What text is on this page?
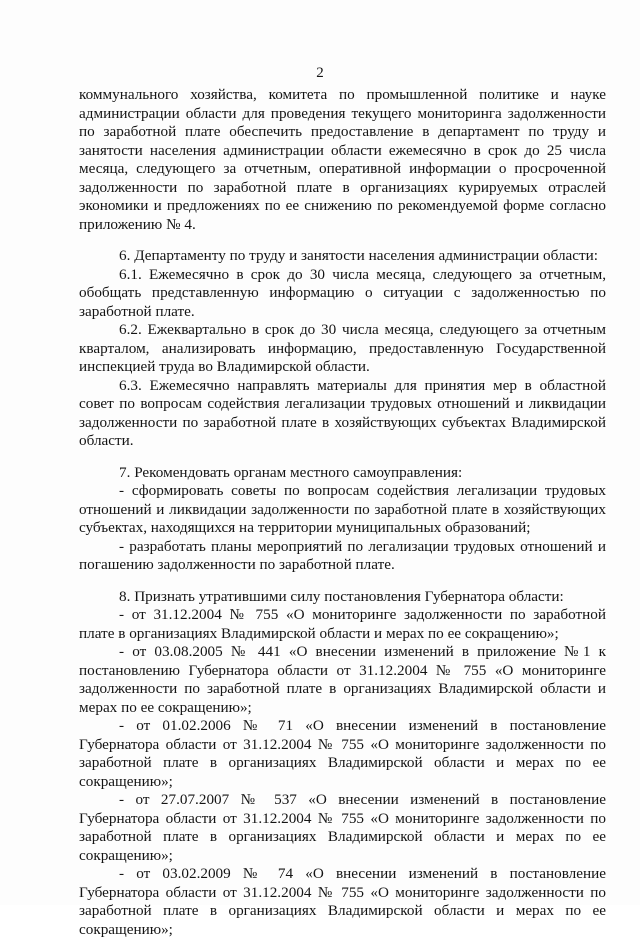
2

коммунального хозяйства, комитета по промышленной политике и науке администрации области для проведения текущего мониторинга задолженности по заработной плате обеспечить предоставление в департамент по труду и занятости населения администрации области ежемесячно в срок до 25 числа месяца, следующего за отчетным, оперативной информации о просроченной задолженности по заработной плате в организациях курируемых отраслей экономики и предложениях по ее снижению по рекомендуемой форме согласно приложению № 4.

6. Департаменту по труду и занятости населения администрации области:

6.1. Ежемесячно в срок до 30 числа месяца, следующего за отчетным, обобщать представленную информацию о ситуации с задолженностью по заработной плате.

6.2. Ежеквартально в срок до 30 числа месяца, следующего за отчетным кварталом, анализировать информацию, предоставленную Государственной инспекцией труда во Владимирской области.

6.3. Ежемесячно направлять материалы для принятия мер в областной совет по вопросам содействия легализации трудовых отношений и ликвидации задолженности по заработной плате в хозяйствующих субъектах Владимирской области.

7. Рекомендовать органам местного самоуправления:

- сформировать советы по вопросам содействия легализации трудовых отношений и ликвидации задолженности по заработной плате в хозяйствующих субъектах, находящихся на территории муниципальных образований;

- разработать планы мероприятий по легализации трудовых отношений и погашению задолженности по заработной плате.

8. Признать утратившими силу постановления Губернатора области:

- от 31.12.2004 № 755 «О мониторинге задолженности по заработной плате в организациях Владимирской области и мерах по ее сокращению»;

- от 03.08.2005 № 441 «О внесении изменений в приложение №1 к постановлению Губернатора области от 31.12.2004 № 755 «О мониторинге задолженности по заработной плате в организациях Владимирской области и мерах по ее сокращению»;

- от 01.02.2006 № 71 «О внесении изменений в постановление Губернатора области от 31.12.2004 № 755 «О мониторинге задолженности по заработной плате в организациях Владимирской области и мерах по ее сокращению»;

- от 27.07.2007 № 537 «О внесении изменений в постановление Губернатора области от 31.12.2004 № 755 «О мониторинге задолженности по заработной плате в организациях Владимирской области и мерах по ее сокращению»;

- от 03.02.2009 № 74 «О внесении изменений в постановление Губернатора области от 31.12.2004 № 755 «О мониторинге задолженности по заработной плате в организациях Владимирской области и мерах по ее сокращению»;
